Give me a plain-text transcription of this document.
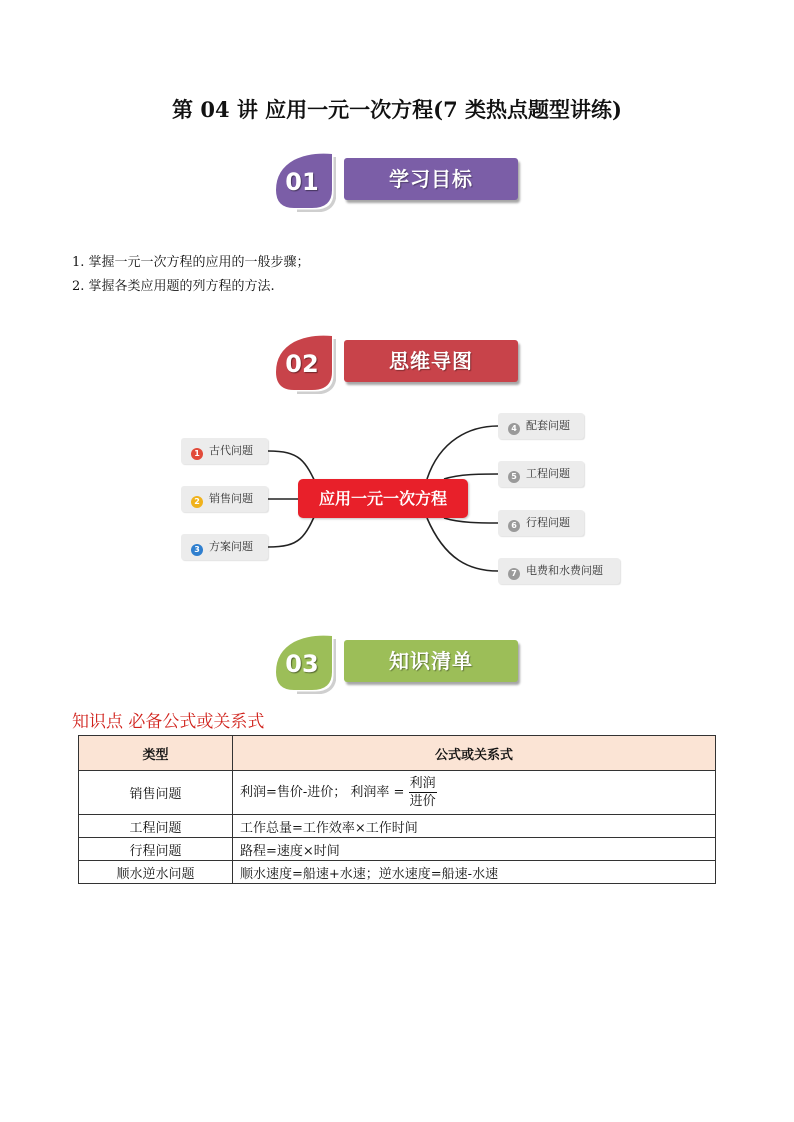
第 04 讲 应用一元一次方程(7 类热点题型讲练)
01	学习目标
1. 掌握一元一次方程的应用的一般步骤；
2. 掌握各类应用题的列方程的方法.
02	思维导图
1 古代问题
2 销售问题
3 方案问题
应用一元一次方程
4 配套问题
5 工程问题
6 行程问题
7 电费和水费问题
03	知识清单
知识点 必备公式或关系式
类型	公式或关系式
销售问题	利润=售价-进价； 利润率 = $\frac{\text{利润}}{\text{进价}}$

工程问题	工作总量=工作效率×工作时间
行程问题	路程=速度×时间
顺水逆水问题	顺水速度=船速+水速；逆水速度=船速-水速
